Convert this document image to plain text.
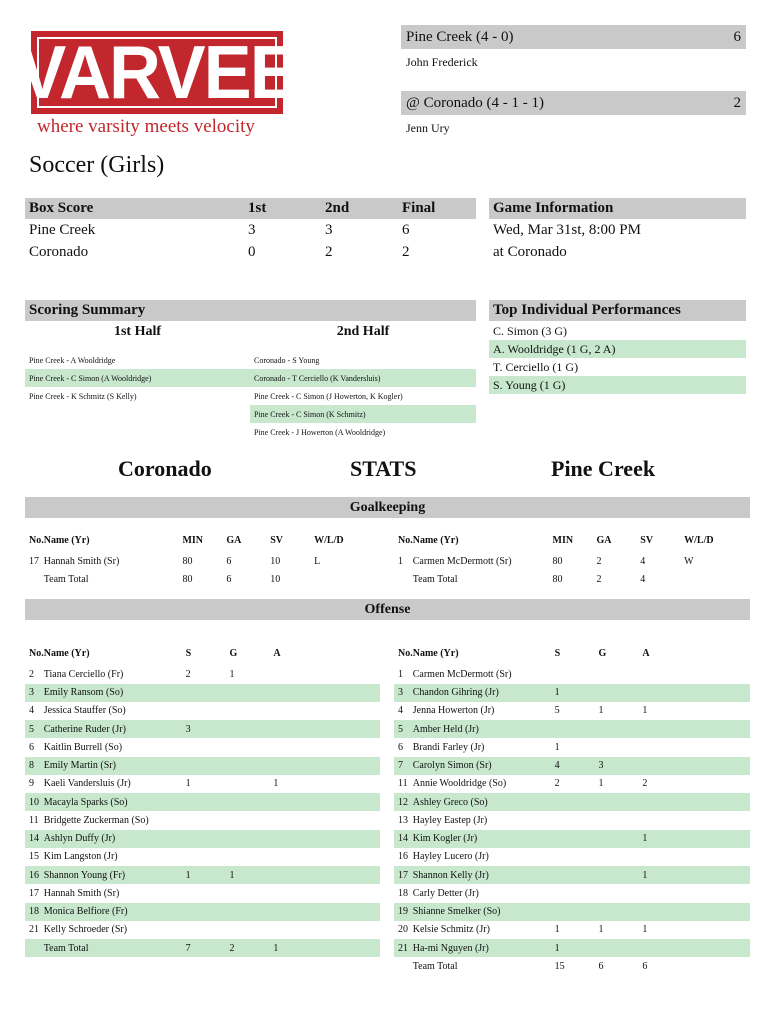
VARVEE
where varsity meets velocity
Pine Creek (4 - 0)	6
John Frederick
@ Coronado (4 - 1 - 1)	2
Jenn Ury
Soccer (Girls)
Box Score	1st	2nd	Final
Pine Creek	3	3	6
Coronado	0	2	2
Game Information
Wed, Mar 31st, 8:00 PM
at Coronado
Scoring Summary
1st Half	2nd Half
Pine Creek - A Wooldridge
Pine Creek - C Simon (A Wooldridge)
Pine Creek - K Schmitz (S Kelly)
Coronado - S Young
Coronado - T Cerciello (K Vandersluis)
Pine Creek - C Simon (J Howerton, K Kogler)
Pine Creek - C Simon (K Schmitz)
Pine Creek - J Howerton (A Wooldridge)
Top Individual Performances
C. Simon (3 G)
A. Wooldridge (1 G, 2 A)
T. Cerciello (1 G)
S. Young (1 G)
Coronado	STATS	Pine Creek
Goalkeeping
No.	Name (Yr)	MIN	GA	SV	W/L/D

17	Hannah Smith (Sr)	80	6	10	L
	Team Total	80	6	10	
No.	Name (Yr)	MIN	GA	SV	W/L/D

1	Carmen McDermott (Sr)	80	2	4	W
	Team Total	80	2	4	
Offense
No.	Name (Yr)	S	G	A

2	Tiana Cerciello (Fr)	2	1	
3	Emily Ransom (So)			
4	Jessica Stauffer (So)			
5	Catherine Ruder (Jr)	3		
6	Kaitlin Burrell (So)			
8	Emily Martin (Sr)			
9	Kaeli Vandersluis (Jr)	1		1
10	Macayla Sparks (So)			
11	Bridgette Zuckerman (So)			
14	Ashlyn Duffy (Jr)			
15	Kim Langston (Jr)			
16	Shannon Young (Fr)	1	1	
17	Hannah Smith (Sr)			
18	Monica Belfiore (Fr)			
21	Kelly Schroeder (Sr)			
	Team Total	7	2	1
No.	Name (Yr)	S	G	A

1	Carmen McDermott (Sr)			
3	Chandon Gihring (Jr)	1		
4	Jenna Howerton (Jr)	5	1	1
5	Amber Held (Jr)			
6	Brandi Farley (Jr)	1		
7	Carolyn Simon (Sr)	4	3	
11	Annie Wooldridge (So)	2	1	2
12	Ashley Greco (So)			
13	Hayley Eastep (Jr)			
14	Kim Kogler (Jr)			1
16	Hayley Lucero (Jr)			
17	Shannon Kelly (Jr)			1
18	Carly Detter (Jr)			
19	Shianne Smelker (So)			
20	Kelsie Schmitz (Jr)	1	1	1
21	Ha-mi Nguyen (Jr)	1		
	Team Total	15	6	6
